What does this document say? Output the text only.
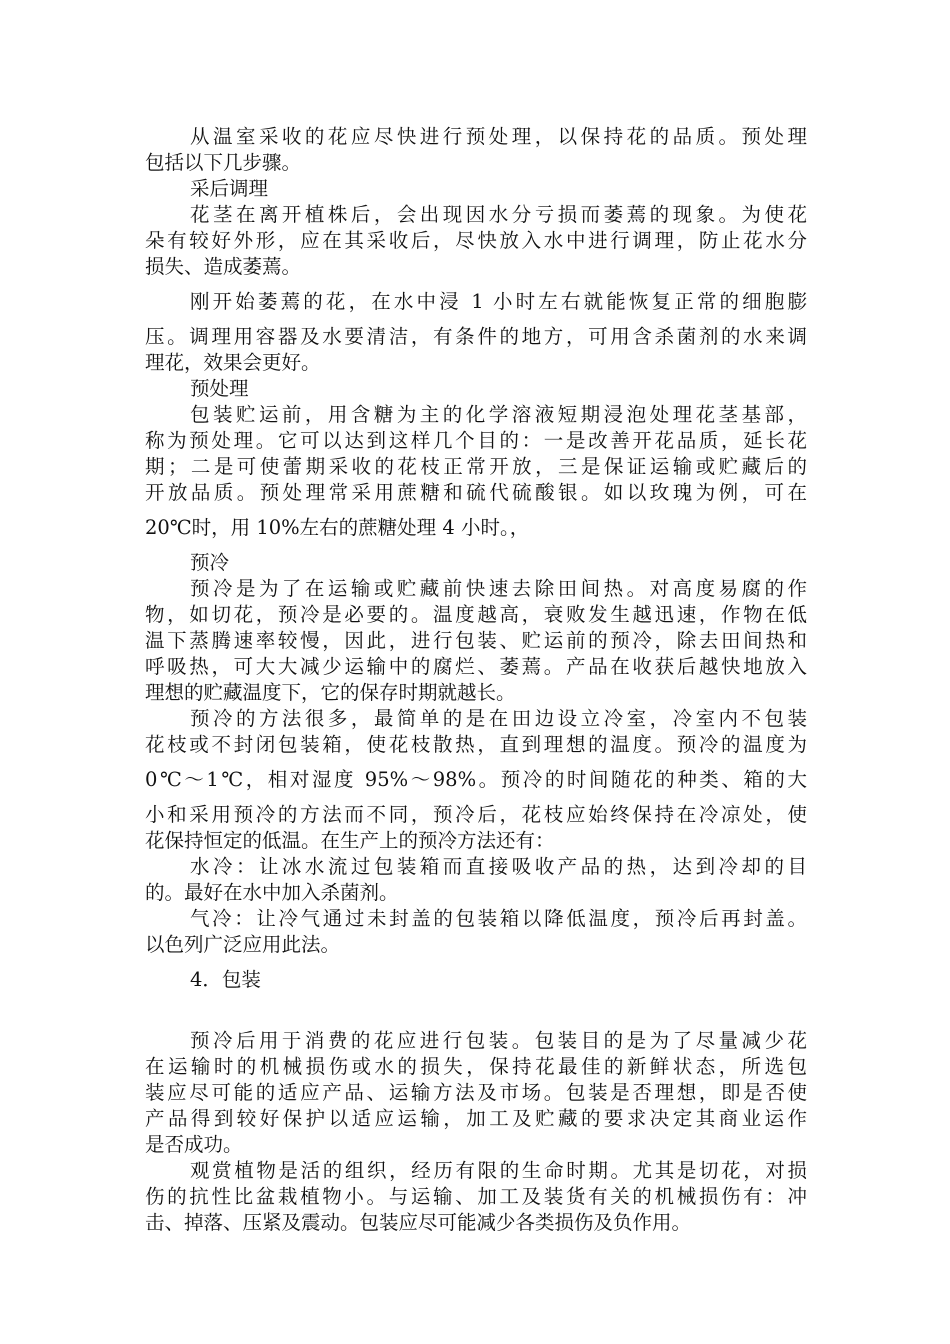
从温室采收的花应尽快进行预处理，以保持花的品质。预处理
包括以下几步骤。
采后调理
花茎在离开植株后，会出现因水分亏损而萎蔫的现象。为使花
朵有较好外形，应在其采收后，尽快放入水中进行调理，防止花水分
损失、造成萎蔫。
刚开始萎蔫的花，在水中浸 1 小时左右就能恢复正常的细胞膨
压。调理用容器及水要清洁，有条件的地方，可用含杀菌剂的水来调
理花，效果会更好。
预处理
包装贮运前，用含糖为主的化学溶液短期浸泡处理花茎基部，
称为预处理。它可以达到这样几个目的：一是改善开花品质，延长花
期；二是可使蕾期采收的花枝正常开放，三是保证运输或贮藏后的
开放品质。预处理常采用蔗糖和硫代硫酸银。如以玫瑰为例，可在
20℃时，用 10%左右的蔗糖处理 4 小时。，
预冷
预冷是为了在运输或贮藏前快速去除田间热。对高度易腐的作
物，如切花，预冷是必要的。温度越高，衰败发生越迅速，作物在低
温下蒸腾速率较慢，因此，进行包装、贮运前的预冷，除去田间热和
呼吸热，可大大减少运输中的腐烂、萎蔫。产品在收获后越快地放入
理想的贮藏温度下，它的保存时期就越长。
预冷的方法很多，最简单的是在田边设立冷室，冷室内不包装
花枝或不封闭包装箱，使花枝散热，直到理想的温度。预冷的温度为
0℃～1℃，相对湿度 95%～98%。预冷的时间随花的种类、箱的大
小和采用预冷的方法而不同，预冷后，花枝应始终保持在冷凉处，使
花保持恒定的低温。在生产上的预冷方法还有：
水冷：让冰水流过包装箱而直接吸收产品的热，达到冷却的目
的。最好在水中加入杀菌剂。
气冷：让冷气通过未封盖的包装箱以降低温度，预冷后再封盖。
以色列广泛应用此法。
4．包装
预冷后用于消费的花应进行包装。包装目的是为了尽量减少花
在运输时的机械损伤或水的损失，保持花最佳的新鲜状态，所选包
装应尽可能的适应产品、运输方法及市场。包装是否理想，即是否使
产品得到较好保护以适应运输，加工及贮藏的要求决定其商业运作
是否成功。
观赏植物是活的组织，经历有限的生命时期。尤其是切花，对损
伤的抗性比盆栽植物小。与运输、加工及装货有关的机械损伤有：冲
击、掉落、压紧及震动。包装应尽可能减少各类损伤及负作用。
